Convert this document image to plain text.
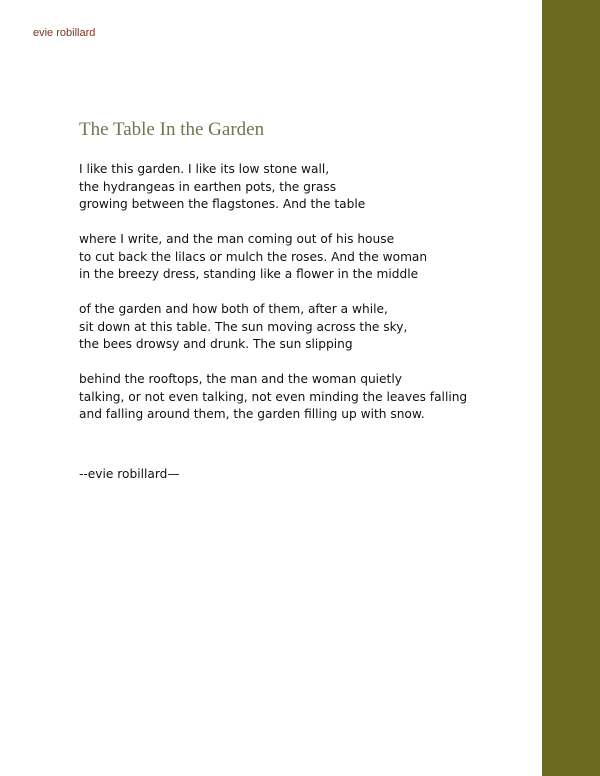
evie robillard
The Table In the Garden

I like this garden. I like its low stone wall,
the hydrangeas in earthen pots, the grass
growing between the flagstones. And the table

where I write, and the man coming out of his house
to cut back the lilacs or mulch the roses. And the woman
in the breezy dress, standing like a flower in the middle

of the garden and how both of them, after a while,
sit down at this table. The sun moving across the sky,
the bees drowsy and drunk. The sun slipping

behind the rooftops, the man and the woman quietly
talking, or not even talking, not even minding the leaves falling
and falling around them, the garden filling up with snow.

--evie robillard—
